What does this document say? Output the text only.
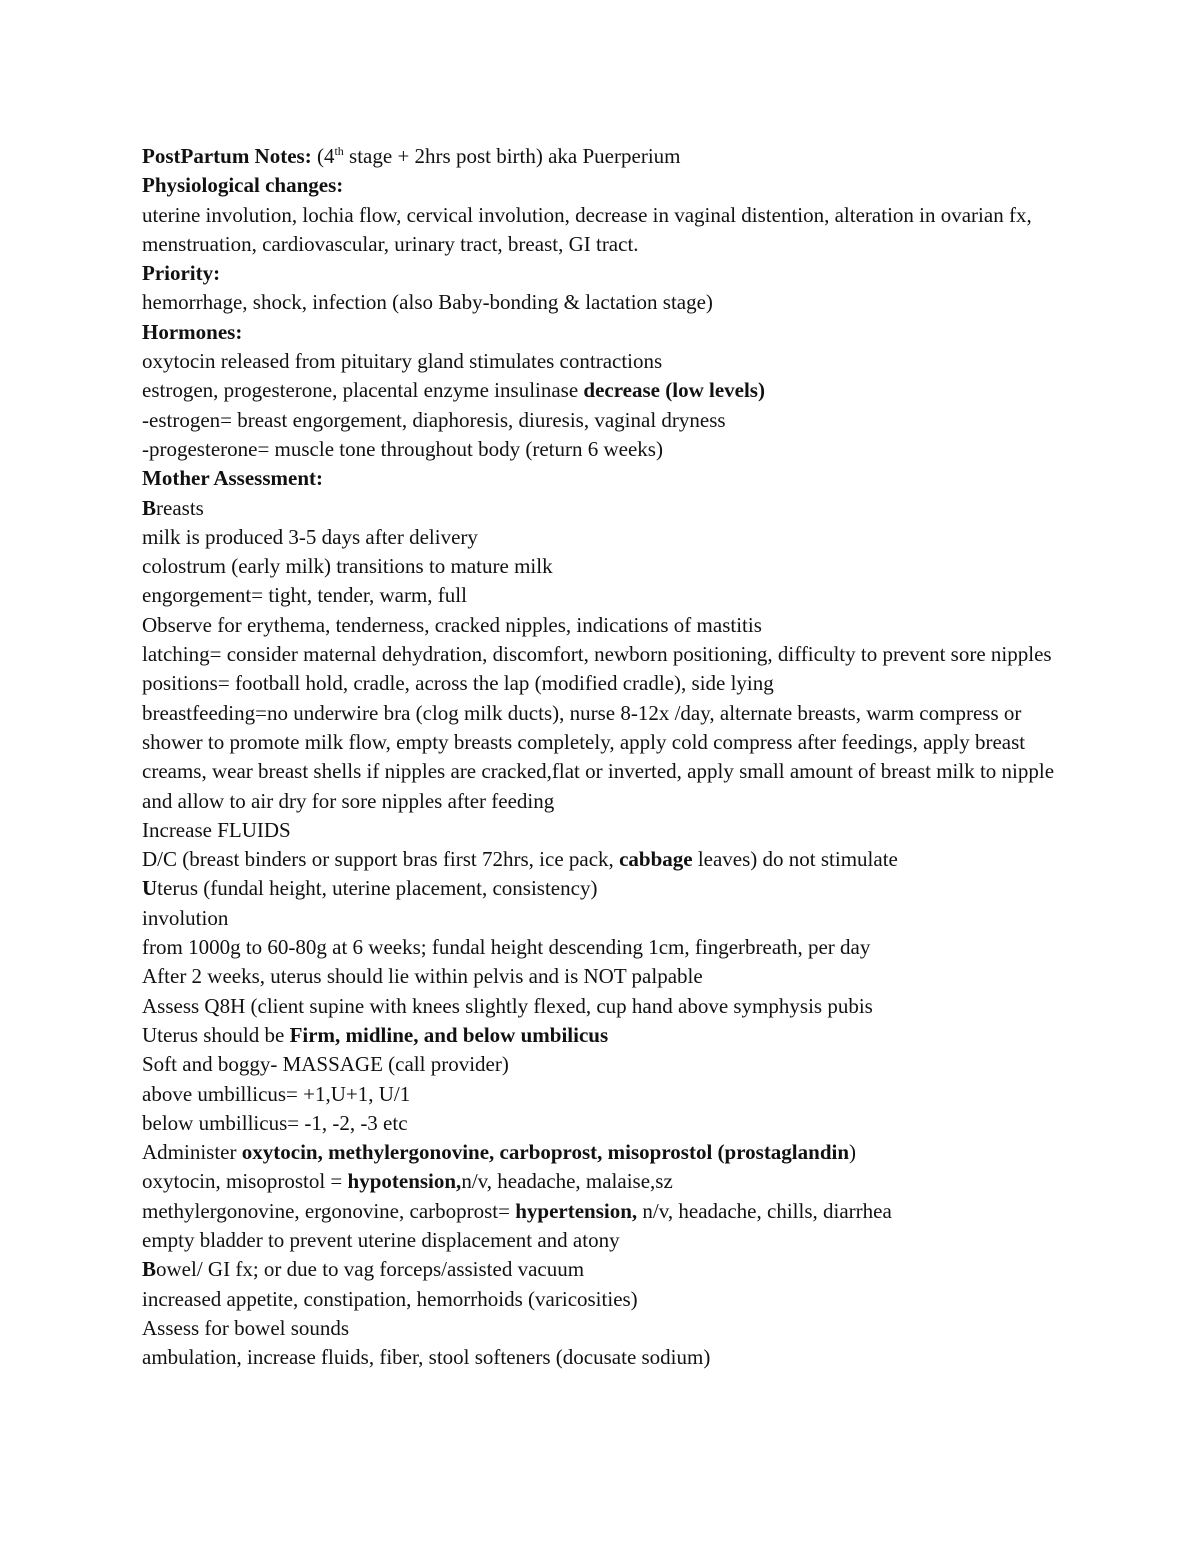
PostPartum Notes: (4th stage + 2hrs post birth) aka Puerperium
Physiological changes:
uterine involution, lochia flow, cervical involution, decrease in vaginal distention, alteration in ovarian fx, menstruation, cardiovascular, urinary tract, breast, GI tract.
Priority:
hemorrhage, shock, infection (also Baby-bonding & lactation stage)
Hormones:
oxytocin released from pituitary gland stimulates contractions
estrogen, progesterone, placental enzyme insulinase decrease (low levels)
-estrogen= breast engorgement, diaphoresis, diuresis, vaginal dryness
-progesterone= muscle tone throughout body (return 6 weeks)
Mother Assessment:
Breasts
milk is produced 3-5 days after delivery
colostrum (early milk) transitions to mature milk
engorgement= tight, tender, warm, full
Observe for erythema, tenderness, cracked nipples, indications of mastitis
latching= consider maternal dehydration, discomfort, newborn positioning, difficulty to prevent sore nipples
positions= football hold, cradle, across the lap (modified cradle), side lying
breastfeeding=no underwire bra (clog milk ducts), nurse 8-12x /day, alternate breasts, warm compress or shower to promote milk flow, empty breasts completely, apply cold compress after feedings, apply breast creams, wear breast shells if nipples are cracked,flat or inverted, apply small amount of breast milk to nipple and allow to air dry for sore nipples after feeding
Increase FLUIDS
D/C (breast binders or support bras first 72hrs, ice pack, cabbage leaves) do not stimulate
Uterus (fundal height, uterine placement, consistency)
involution
from 1000g to 60-80g at 6 weeks; fundal height descending 1cm, fingerbreath, per day
After 2 weeks, uterus should lie within pelvis and is NOT palpable
Assess Q8H (client supine with knees slightly flexed, cup hand above symphysis pubis
Uterus should be Firm, midline, and below umbilicus
Soft and boggy- MASSAGE (call provider)
above umbillicus= +1,U+1, U/1
below umbillicus= -1, -2, -3 etc
Administer oxytocin, methylergonovine, carboprost, misoprostol (prostaglandin)
oxytocin, misoprostol = hypotension,n/v, headache, malaise,sz
methylergonovine, ergonovine, carboprost= hypertension, n/v, headache, chills, diarrhea
empty bladder to prevent uterine displacement and atony
Bowel/ GI fx; or due to vag forceps/assisted vacuum
increased appetite, constipation, hemorrhoids (varicosities)
Assess for bowel sounds
ambulation, increase fluids, fiber, stool softeners (docusate sodium)
